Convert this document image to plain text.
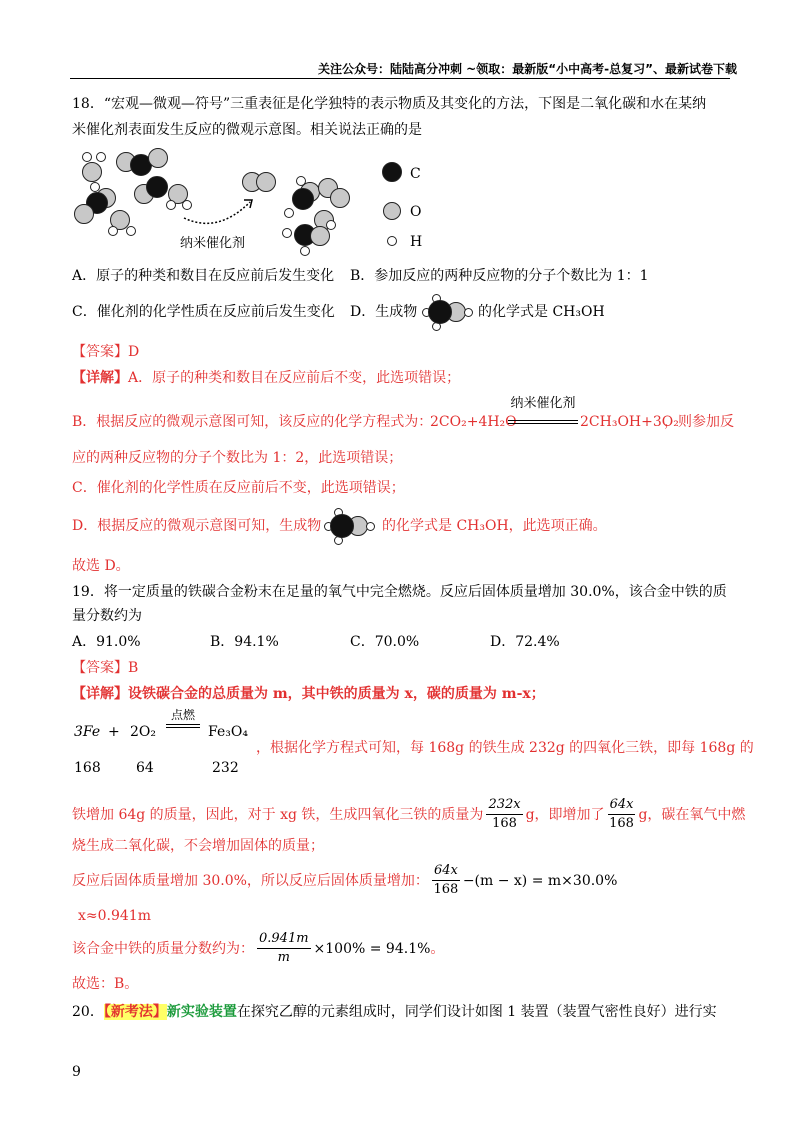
关注公众号：陆陆高分冲刺 ~领取：最新版“小中高考-总复习”、最新试卷下载
18．“宏观—微观—符号”三重表征是化学独特的表示物质及其变化的方法，下图是二氧化碳和水在某纳
米催化剂表面发生反应的微观示意图。相关说法正确的是
纳米催化剂
C
O
H
A．原子的种类和数目在反应前后发生变化 B．参加反应的两种反应物的分子个数比为 1：1
C．催化剂的化学性质在反应前后发生变化 D．生成物	的化学式是 CH₃OH
【答案】D
【详解】A．原子的种类和数目在反应前后不变，此选项错误；
B．根据反应的微观示意图可知，该反应的化学方程式为：
2CO₂+4H₂O
纳米催化剂
2CH₃OH+3O₂
，则参加反
应的两种反应物的分子个数比为 1：2，此选项错误；
C．催化剂的化学性质在反应前后不变，此选项错误；
D．根据反应的微观示意图可知，生成物	的化学式是 CH₃OH，此选项正确。
故选 D。
19．将一定质量的铁碳合金粉末在足量的氧气中完全燃烧。反应后固体质量增加 30.0%，该合金中铁的质
量分数约为
A．91.0%	B．94.1%	C．70.0%	D．72.4%
【答案】B
【详解】设铁碳合金的总质量为 m，其中铁的质量为 x，碳的质量为 m-x；
3Fe + 2O₂
点燃
Fe₃O₄
168	64	232
，根据化学方程式可知，每 168g 的铁生成 232g 的四氧化三铁，即每 168g 的
铁增加 64g 的质量，因此，对于 xg 铁，生成四氧化三铁的质量为 $\frac{232x}{168}$ g，即增加了 $\frac{64x}{168}$ g，碳在氧气中燃
烧生成二氧化碳，不会增加固体的质量；
反应后固体质量增加 30.0%，所以反应后固体质量增加： $\frac{64x}{168} -(m - x) = m\times 30.0\%$
x≈0.941m
该合金中铁的质量分数约为： $\frac{0.941m}{m} \times 100\% = 94.1\%$ 。
故选：B。
20．【新考法】新实验装置在探究乙醇的元素组成时，同学们设计如图 1 装置（装置气密性良好）进行实
9
